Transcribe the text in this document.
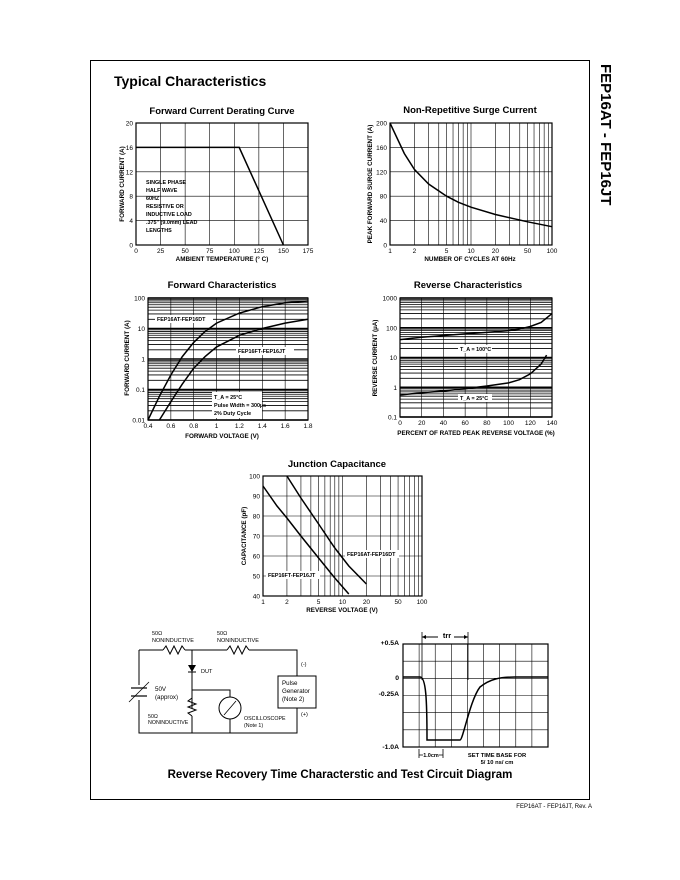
FEP16AT - FEP16JT
Typical Characteristics
0	25	50	75 100 125 150 175
0
4
8
12
16
20
Forward Current Derating Curve
AMBIENT TEMPERATURE (° C)
FORWARD CURRENT (A)	SINGLE PHASE
HALF WAVE
60HZ
RESISTIVE OR
INDUCTIVE LOAD
.375" (9.0mm) LEAD
LENGTHS
1	2	5	10	20	50 100
0
40
80
120
160
200
Non-Repetitive Surge Current
NUMBER OF CYCLES AT 60Hz
PEAK FORWARD SURGE CURRENT (A)
0.4 0.6 0.8	1	1.2 1.4 1.6 1.8
0.01
0.1
1
10
100
Forward Characteristics
FORWARD VOLTAGE (V)
FORWARD CURRENT (A)
FEP16AT-FEP16DT
FEP16FT-FEP16JT
T_A = 25°C
Pulse Width = 300µs
2% Duty Cycle
0	20 40 60 80 100 120 140
0.1
1
10
100
1000
Reverse Characteristics
PERCENT OF RATED PEAK REVERSE VOLTAGE (%)
REVERSE CURRENT (µA)	T_A = 100°C
T_A = 25°C
1	2	5	10	20	50 100
40
50
60
70
80
90
100
Junction Capacitance
REVERSE VOLTAGE (V)
CAPACITANCE (pF)	FEP16AT-FEP16DT
FEP16FT-FEP16JT
trr
+0.5A
0
-0.25A
-1.0A
1.0cm	SET TIME BASE FOR
5/ 10 ns/ cm
50Ω
NONINDUCTIVE
50Ω
NONINDUCTIVE
50V
(approx)
DUT
50Ω
NONINDUCTIVE
OSCILLOSCOPE
(Note 1)
Pulse
Generator
(Note 2)
(-)
(+)
Reverse Recovery Time Characterstic and Test Circuit Diagram
FEP16AT - FEP16JT, Rev. A
